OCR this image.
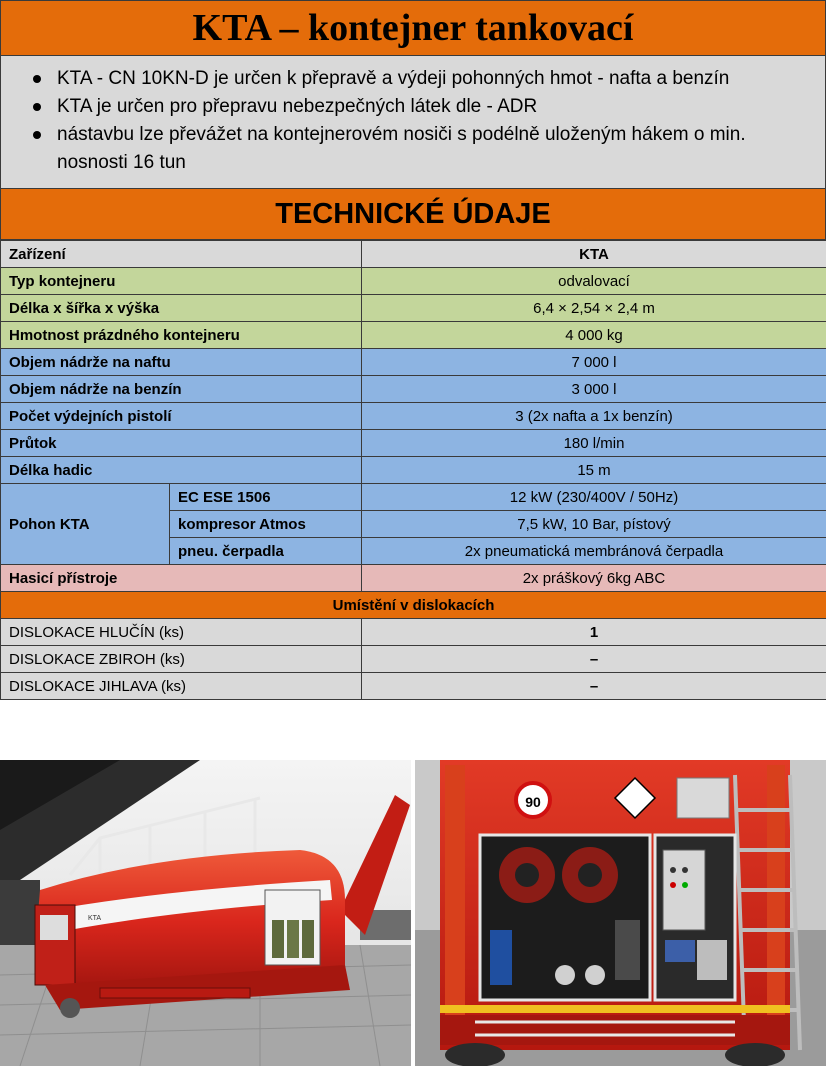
KTA – kontejner tankovací
KTA - CN 10KN-D je určen k přepravě a výdeji pohonných hmot - nafta a benzín
KTA je určen pro přepravu nebezpečných látek dle - ADR
nástavbu lze převážet na kontejnerovém nosiči s podélně uloženým hákem o min. nosnosti 16 tun
TECHNICKÉ ÚDAJE
Zařízení		KTA
Typ kontejneru		odvalovací
Délka x šířka x výška		6,4 × 2,54 × 2,4 m
Hmotnost prázdného kontejneru		4 000 kg
Objem nádrže na naftu		7 000 l
Objem nádrže na benzín		3 000 l
Počet výdejních pistolí		3 (2x nafta a 1x benzín)
Průtok		180 l/min
Délka hadic		15 m
Pohon KTA	EC ESE 1506	12 kW (230/400V / 50Hz)
	kompresor Atmos	7,5 kW, 10 Bar, pístový
	pneu. čerpadla	2x pneumatická membránová čerpadla
Hasicí přístroje		2x práškový 6kg ABC
Umístění v dislokacích		
DISLOKACE HLUČÍN (ks)		1
DISLOKACE ZBIROH (ks)		–
DISLOKACE JIHLAVA (ks)		–
KTA
90
